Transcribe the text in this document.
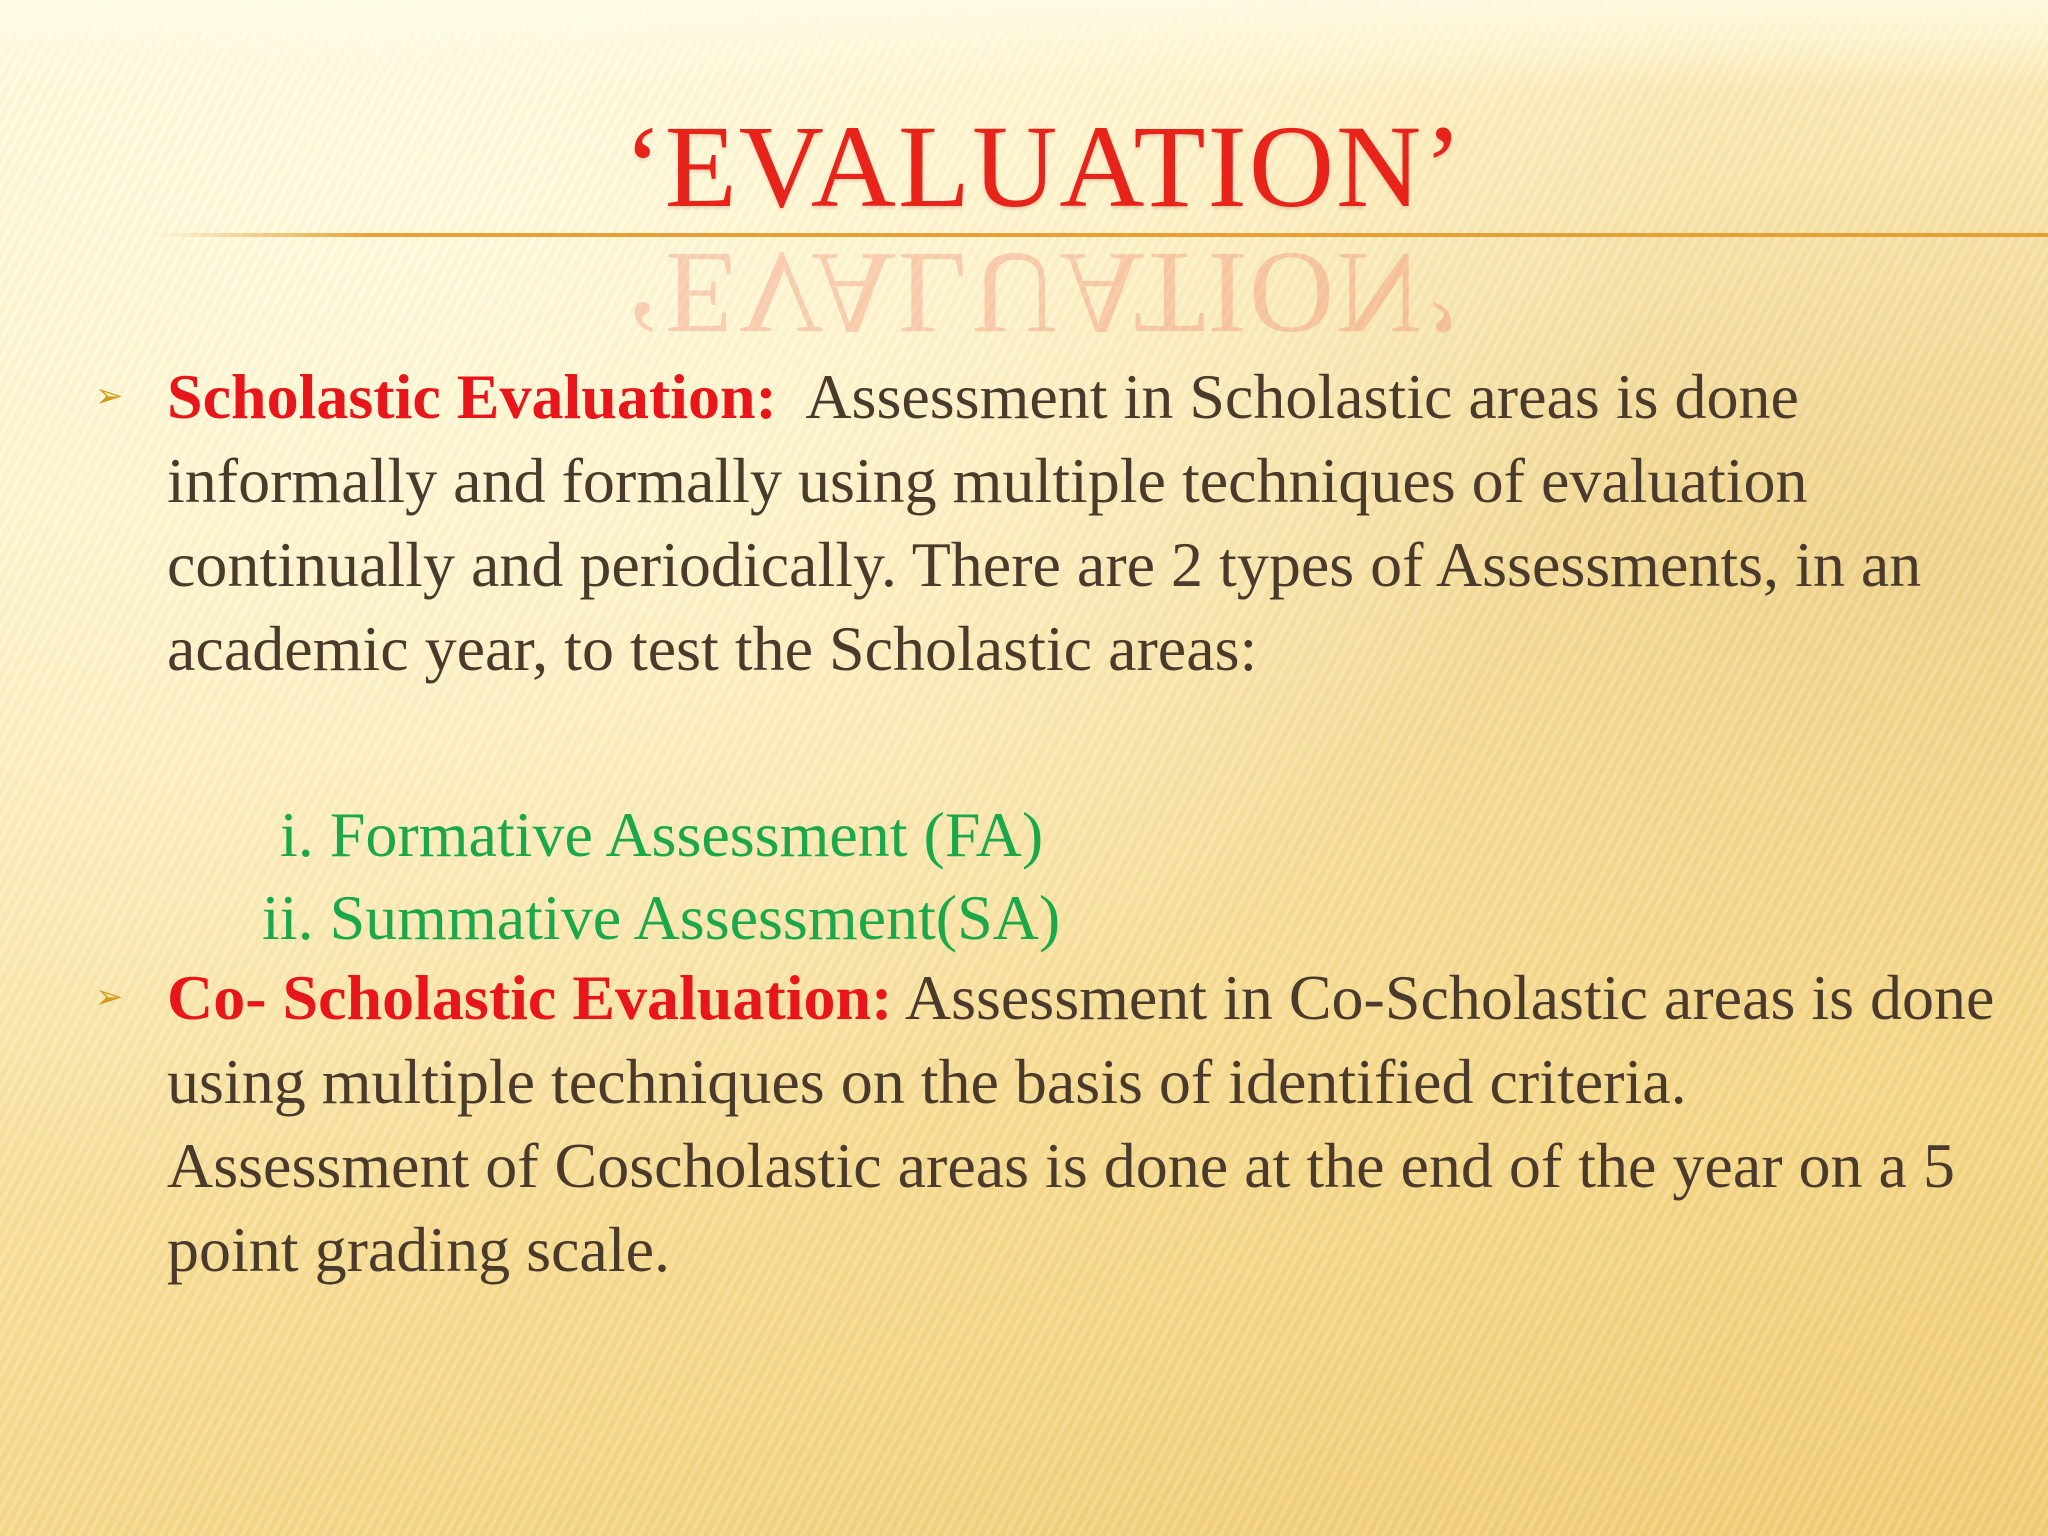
‘EVALUATION’
‘EVALUATION’
➢ Scholastic Evaluation:  Assessment in Scholastic areas is done informally and formally using multiple techniques of evaluation continually and periodically. There are 2 types of Assessments, in an academic year, to test the Scholastic areas:
i. Formative Assessment (FA)
ii. Summative Assessment(SA)
➢ Co- Scholastic Evaluation: Assessment in Co-Scholastic areas is done using multiple techniques on the basis of identified criteria. Assessment of Coscholastic areas is done at the end of the year on a 5 point grading scale.
